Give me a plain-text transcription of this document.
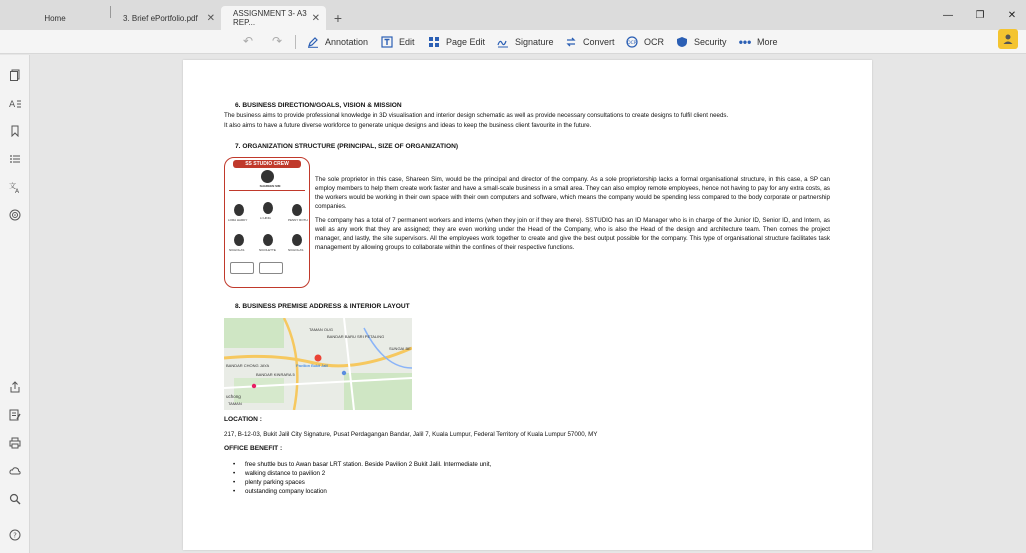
Home	3. Brief ePortfolio.pdf ✕ ASSIGNMENT 3- A3 REP...	✕ +	—	❐	✕
↶ ↷	Annotation	Edit	Page Edit	Signature	Convert	OCR OCR	Security ••• More
A
文
A
?
6. BUSINESS DIRECTION/GOALS, VISION & MISSION
The business aims to provide professional knowledge in 3D visualisation and interior design schematic as well as provide necessary consultations to create designs to fulfil client needs.
It also aims to have a future diverse workforce to generate unique designs and ideas to keep the business client favourite in the future.
7. ORGANIZATION STRUCTURE (PRINCIPAL, SIZE OF ORGANIZATION)
SS STUDIO CREW
SHAREEN SIM
LORA HARDY	LI HING	PENNY ROTH
NICHOLAS	NICOLETTE	NICHOLAS
The sole proprietor in this case, Shareen Sim, would be the principal and director of the company. As a sole proprietorship lacks a formal organisational structure, in this case, a SP can employ members to help them create work faster and have a small-scale business in a small area. They can also employ remote employees, hence not having to pay for any extra costs, as the workers would be working in their own space with their own computers and software, which means the company would be spending less compared to the body corporate or partnership companies.
The company has a total of 7 permanent workers and interns (when they join or if they are there). SSTUDIO has an ID Manager who is in charge of the Junior ID, Senior ID, and Intern, as well as any work that they are assigned; they are even working under the Head of the Company, who is also the Head of the design and architecture team. Then comes the project manager, and lastly, the site supervisors. All the employees work together to create and give the best output possible for the company. This type of organisational structure facilitates task management by allowing groups to collaborate within the confines of their respective functions.
8. BUSINESS PREMISE ADDRESS & INTERIOR LAYOUT
TAMAN OUG
BANDAR BARU SRI PETALING
SUNGAI BE
BANDAR KINRARA 5
uchong
TAMAN
BANDAR CHONG JAYA	Pavilion Bukit Jalil
LOCATION :
217, B-12-03, Bukit Jalil City Signature, Pusat Perdagangan Bandar, Jalil 7, Kuala Lumpur, Federal Territory of Kuala Lumpur 57000, MY
OFFICE BENEFIT :
• free shuttle bus to Awan basar LRT station. Beside Pavilion 2 Bukit Jalil. Intermediate unit,
• walking distance to pavilion 2
• plenty parking spaces
• outstanding company location
